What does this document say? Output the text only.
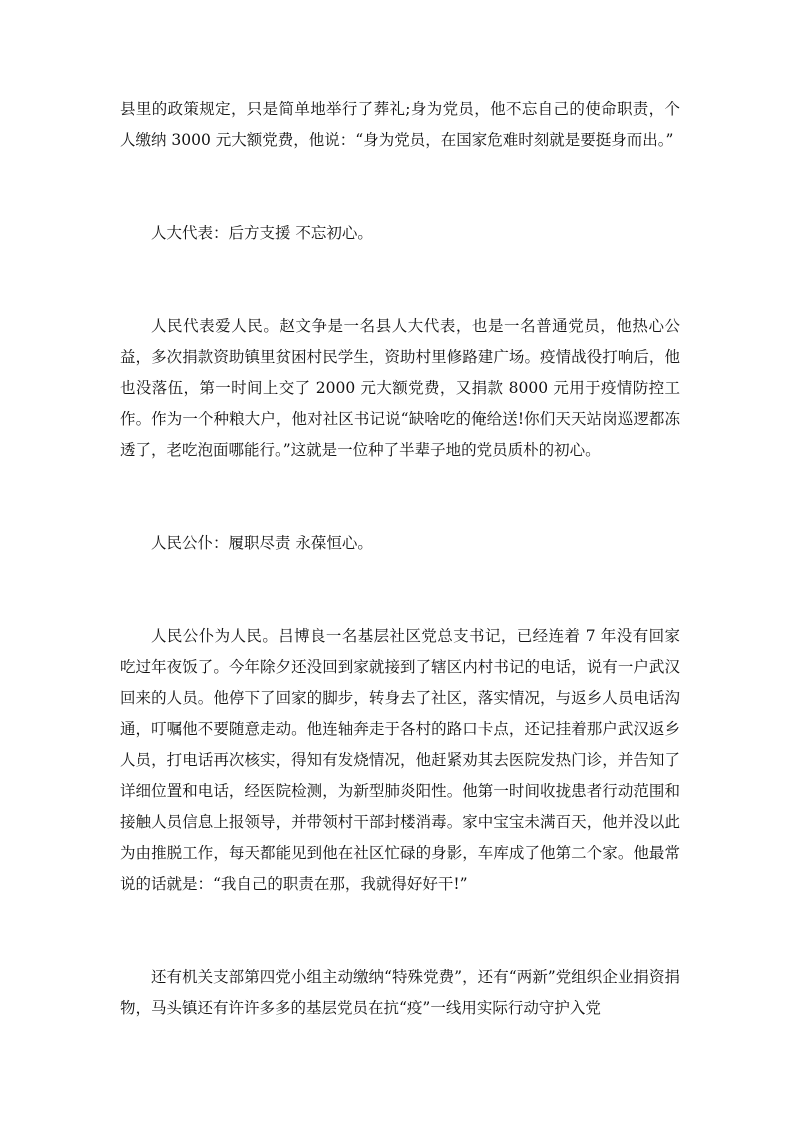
县里的政策规定，只是简单地举行了葬礼;身为党员，他不忘自己的使命职责，个人缴纳 3000 元大额党费，他说：“身为党员，在国家危难时刻就是要挺身而出。”

人大代表：后方支援 不忘初心。

人民代表爱人民。赵文争是一名县人大代表，也是一名普通党员，他热心公益，多次捐款资助镇里贫困村民学生，资助村里修路建广场。疫情战役打响后，他也没落伍，第一时间上交了 2000 元大额党费，又捐款 8000 元用于疫情防控工作。作为一个种粮大户，他对社区书记说“缺啥吃的俺给送!你们天天站岗巡逻都冻透了，老吃泡面哪能行。”这就是一位种了半辈子地的党员质朴的初心。

人民公仆：履职尽责 永葆恒心。

人民公仆为人民。吕博良一名基层社区党总支书记，已经连着 7 年没有回家吃过年夜饭了。今年除夕还没回到家就接到了辖区内村书记的电话，说有一户武汉回来的人员。他停下了回家的脚步，转身去了社区，落实情况，与返乡人员电话沟通，叮嘱他不要随意走动。他连轴奔走于各村的路口卡点，还记挂着那户武汉返乡人员，打电话再次核实，得知有发烧情况，他赶紧劝其去医院发热门诊，并告知了详细位置和电话，经医院检测，为新型肺炎阳性。他第一时间收拢患者行动范围和接触人员信息上报领导，并带领村干部封楼消毒。家中宝宝未满百天，他并没以此为由推脱工作，每天都能见到他在社区忙碌的身影，车库成了他第二个家。他最常说的话就是：“我自己的职责在那，我就得好好干!”

还有机关支部第四党小组主动缴纳“特殊党费”，还有“两新”党组织企业捐资捐物，马头镇还有许许多多的基层党员在抗“疫”一线用实际行动守护入党
